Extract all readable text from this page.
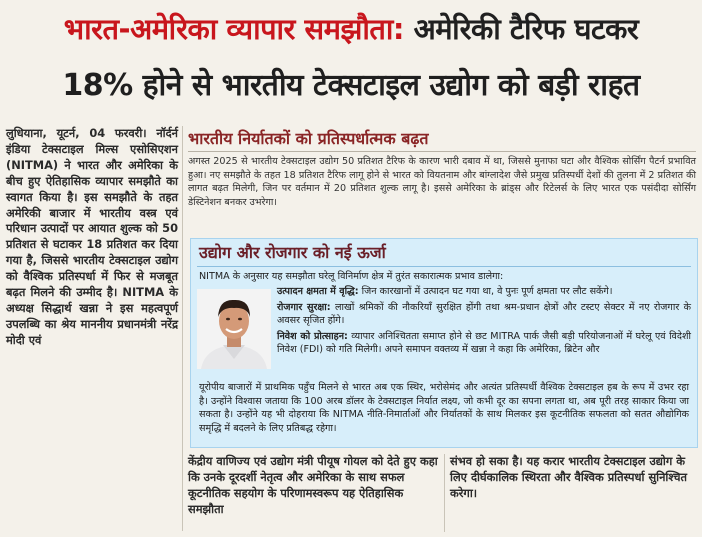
भारत-अमेरिका व्यापार समझौता: अमेरिकी टैरिफ घटकर
18% होने से भारतीय टेक्सटाइल उद्योग को बड़ी राहत
लुधियाना, यूटर्न, 04 फरवरी। नॉर्दर्न इंडिया टेक्सटाइल मिल्स एसोसिएशन (NITMA) ने भारत और अमेरिका के बीच हुए ऐतिहासिक व्यापार समझौते का स्वागत किया है। इस समझौते के तहत अमेरिकी बाजार में भारतीय वस्त्र एवं परिधान उत्पादों पर आयात शुल्क को 50 प्रतिशत से घटाकर 18 प्रतिशत कर दिया गया है, जिससे भारतीय टेक्सटाइल उद्योग को वैश्विक प्रतिस्पर्धा में फिर से मजबूत बढ़त मिलने की उम्मीद है। NITMA के अध्यक्ष सिद्धार्थ खन्ना ने इस महत्वपूर्ण उपलब्धि का श्रेय माननीय प्रधानमंत्री नरेंद्र मोदी एवं
भारतीय निर्यातकों को प्रतिस्पर्धात्मक बढ़त
अगस्त 2025 से भारतीय टेक्सटाइल उद्योग 50 प्रतिशत टैरिफ के कारण भारी दबाव में था, जिससे मुनाफा घटा और वैश्विक सोर्सिंग पैटर्न प्रभावित हुआ। नए समझौते के तहत 18 प्रतिशत टैरिफ लागू होने से भारत को वियतनाम और बांग्लादेश जैसे प्रमुख प्रतिस्पर्धी देशों की तुलना में 2 प्रतिशत की लागत बढ़त मिलेगी, जिन पर वर्तमान में 20 प्रतिशत शुल्क लागू है। इससे अमेरिका के ब्रांड्स और रिटेलर्स के लिए भारत एक पसंदीदा सोर्सिंग डेस्टिनेशन बनकर उभरेगा।
उद्योग और रोजगार को नई ऊर्जा
NITMA के अनुसार यह समझौता घरेलू विनिर्माण क्षेत्र में तुरंत सकारात्मक प्रभाव डालेगा:

उत्पादन क्षमता में वृद्धि: जिन कारखानों में उत्पादन घट गया था, वे पुनः पूर्ण क्षमता पर लौट सकेंगे।

रोजगार सुरक्षा: लाखों श्रमिकों की नौकरियाँ सुरक्षित होंगी तथा श्रम-प्रधान क्षेत्रों और टस्टए सेक्टर में नए रोजगार के अवसर सृजित होंगे।

निवेश को प्रोत्साहन: व्यापार अनिश्चितता समाप्त होने से छट MITRA पार्क जैसी बड़ी परियोजनाओं में घरेलू एवं विदेशी निवेश (FDI) को गति मिलेगी। अपने समापन वक्तव्य में खन्ना ने कहा कि अमेरिका, ब्रिटेन और

यूरोपीय बाजारों में प्राथमिक पहुँच मिलने से भारत अब एक स्थिर, भरोसेमंद और अत्यंत प्रतिस्पर्धी वैश्विक टेक्सटाइल हब के रूप में उभर रहा है। उन्होंने विश्वास जताया कि 100 अरब डॉलर के टेक्सटाइल निर्यात लक्ष्य, जो कभी दूर का सपना लगता था, अब पूरी तरह साकार किया जा सकता है। उन्होंने यह भी दोहराया कि NITMA नीति-निमार्ताओं और निर्यातकों के साथ मिलकर इस कूटनीतिक सफलता को सतत औद्योगिक समृद्धि में बदलने के लिए प्रतिबद्ध रहेगा।
केंद्रीय वाणिज्य एवं उद्योग मंत्री पीयूष गोयल को देते हुए कहा कि उनके दूरदर्शी नेतृत्व और अमेरिका के साथ सफल कूटनीतिक सहयोग के परिणामस्वरूप यह ऐतिहासिक समझौता
संभव हो सका है। यह करार भारतीय टेक्सटाइल उद्योग के लिए दीर्घकालिक स्थिरता और वैश्विक प्रतिस्पर्धा सुनिश्चित करेगा।
